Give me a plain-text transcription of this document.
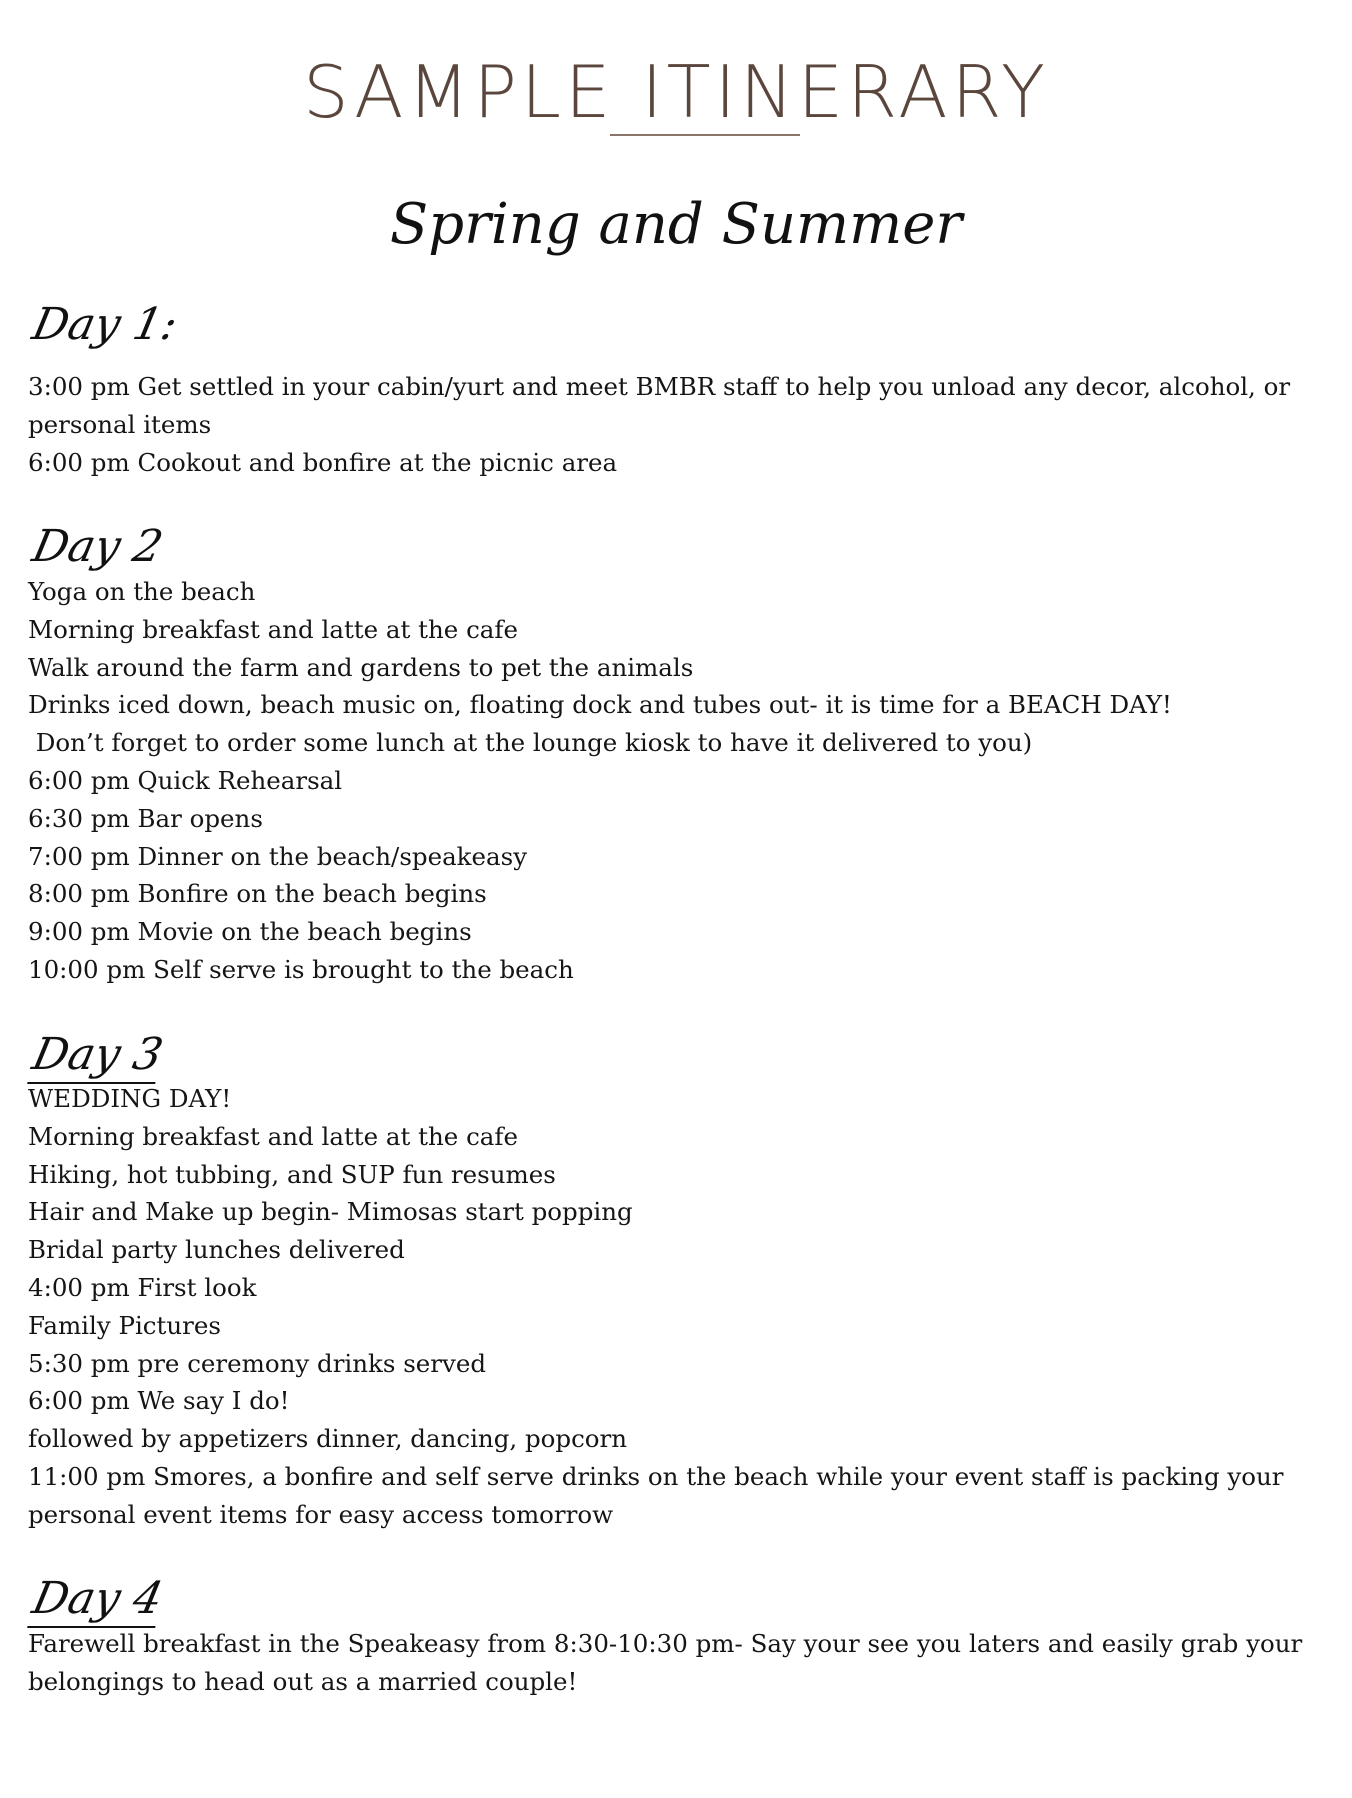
SAMPLE ITINERARY
Spring and Summer
Day 1:
3:00 pm Get settled in your cabin/yurt and meet BMBR staff to help you unload any decor, alcohol, or personal items
6:00 pm Cookout and bonfire at the picnic area
Day 2
Yoga on the beach
Morning breakfast and latte at the cafe
Walk around the farm and gardens to pet the animals
Drinks iced down, beach music on, floating dock and tubes out- it is time for a BEACH DAY!
Don’t forget to order some lunch at the lounge kiosk to have it delivered to you)
6:00 pm Quick Rehearsal
6:30 pm Bar opens
7:00 pm Dinner on the beach/speakeasy
8:00 pm Bonfire on the beach begins
9:00 pm Movie on the beach begins
10:00 pm Self serve is brought to the beach
Day 3
WEDDING DAY!
Morning breakfast and latte at the cafe
Hiking, hot tubbing, and SUP fun resumes
Hair and Make up begin- Mimosas start popping
Bridal party lunches delivered
4:00 pm First look
Family Pictures
5:30 pm pre ceremony drinks served
6:00 pm We say I do!
followed by appetizers dinner, dancing, popcorn
11:00 pm Smores, a bonfire and self serve drinks on the beach while your event staff is packing your personal event items for easy access tomorrow
Day 4
Farewell breakfast in the Speakeasy from 8:30-10:30 pm- Say your see you laters and easily grab your belongings to head out as a married couple!
